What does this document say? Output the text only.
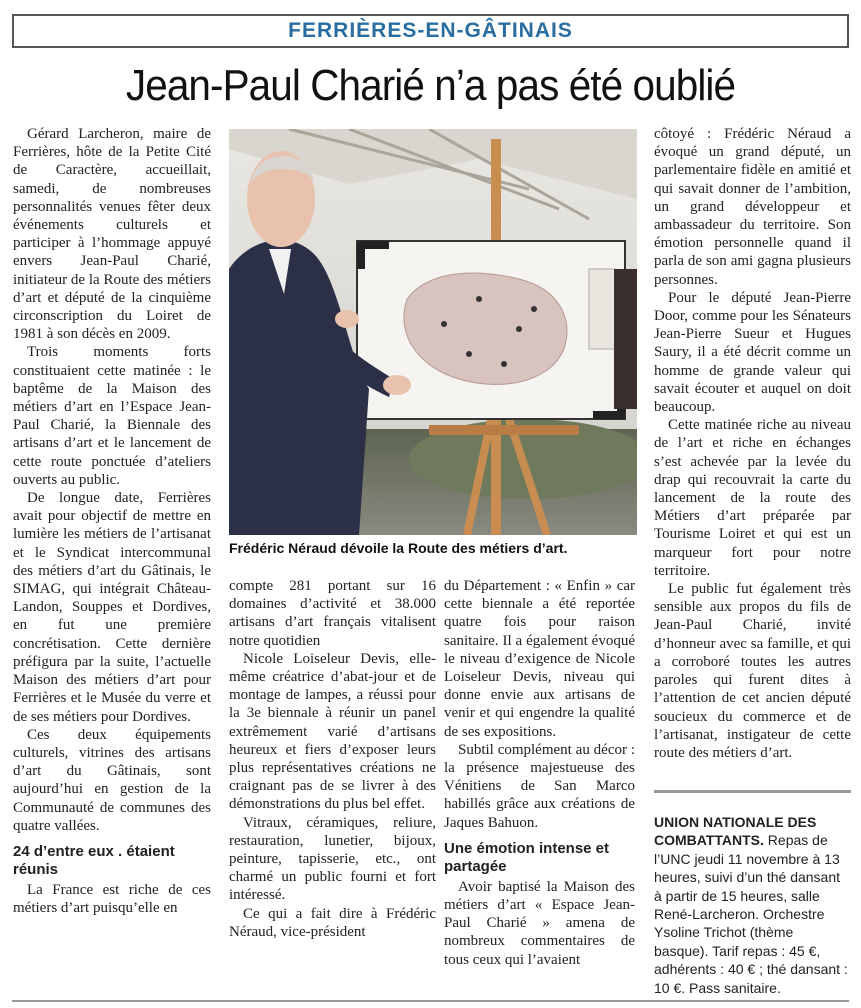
FERRIÈRES-EN-GÂTINAIS
Jean-Paul Charié n’a pas été oublié

Gérard Larcheron, maire de Ferrières, hôte de la Petite Cité de Caractère, accueillait, samedi, de nombreuses personnalités venues fêter deux événements culturels et participer à l’hommage appuyé envers Jean-Paul Charié, initiateur de la Route des métiers d’art et député de la cinquième circonscription du Loiret de 1981 à son décès en 2009.

Trois moments forts constituaient cette matinée : le baptême de la Maison des métiers d’art en l’Espace Jean-Paul Charié, la Biennale des artisans d’art et le lancement de cette route ponctuée d’ateliers ouverts au public.

De longue date, Ferrières avait pour objectif de mettre en lumière les métiers de l’artisanat et le Syndicat intercommunal des métiers d’art du Gâtinais, le SIMAG, qui intégrait Château-Landon, Souppes et Dordives, en fut une première concrétisation. Cette dernière préfigura par la suite, l’actuelle Maison des métiers d’art pour Ferrières et le Musée du verre et de ses métiers pour Dordives.

Ces deux équipements culturels, vitrines des artisans d’art du Gâtinais, sont aujourd’hui en gestion de la Communauté de communes des quatre vallées.

24 d’entre eux . étaient réunis

La France est riche de ces métiers d’art puisqu’elle en

Frédéric Néraud dévoile la Route des métiers d’art.

compte 281 portant sur 16 domaines d’activité et 38.000 artisans d’art français vitalisent notre quotidien

Nicole Loiseleur Devis, elle-même créatrice d’abat-jour et de montage de lampes, a réussi pour la 3e biennale à réunir un panel extrêmement varié d’artisans heureux et fiers d’exposer leurs plus représentatives créations ne craignant pas de se livrer à des démonstrations du plus bel effet.

Vitraux, céramiques, reliure, restauration, lunetier, bijoux, peinture, tapisserie, etc., ont charmé un public fourni et fort intéressé.

Ce qui a fait dire à Frédéric Néraud, vice-président

du Département : « Enfin » car cette biennale a été reportée quatre fois pour raison sanitaire. Il a également évoqué le niveau d’exigence de Nicole Loiseleur Devis, niveau qui donne envie aux artisans de venir et qui engendre la qualité de ses expositions.

Subtil complément au décor : la présence majestueuse des Vénitiens de San Marco habillés grâce aux créations de Jaques Bahuon.

Une émotion intense et partagée

Avoir baptisé la Maison des métiers d’art « Espace Jean-Paul Charié » amena de nombreux commentaires de tous ceux qui l’avaient

côtoyé : Frédéric Néraud a évoqué un grand député, un parlementaire fidèle en amitié et qui savait donner de l’ambition, un grand développeur et ambassadeur du territoire. Son émotion personnelle quand il parla de son ami gagna plusieurs personnes.

Pour le député Jean-Pierre Door, comme pour les Sénateurs Jean-Pierre Sueur et Hugues Saury, il a été décrit comme un homme de grande valeur qui savait écouter et auquel on doit beaucoup.

Cette matinée riche au niveau de l’art et riche en échanges s’est achevée par la levée du drap qui recouvrait la carte du lancement de la route des Métiers d’art préparée par Tourisme Loiret et qui est un marqueur fort pour notre territoire.

Le public fut également très sensible aux propos du fils de Jean-Paul Charié, invité d’honneur avec sa famille, et qui a corroboré toutes les autres paroles qui furent dites à l’attention de cet ancien député soucieux du commerce et de l’artisanat, instigateur de cette route des métiers d’art.

UNION NATIONALE DES COMBATTANTS. Repas de l’UNC jeudi 11 novembre à 13 heures, suivi d’un thé dansant à partir de 15 heures, salle René-Larcheron. Orchestre Ysoline Trichot (thème basque). Tarif repas : 45 €, adhérents : 40 € ; thé dansant : 10 €. Pass sanitaire.
